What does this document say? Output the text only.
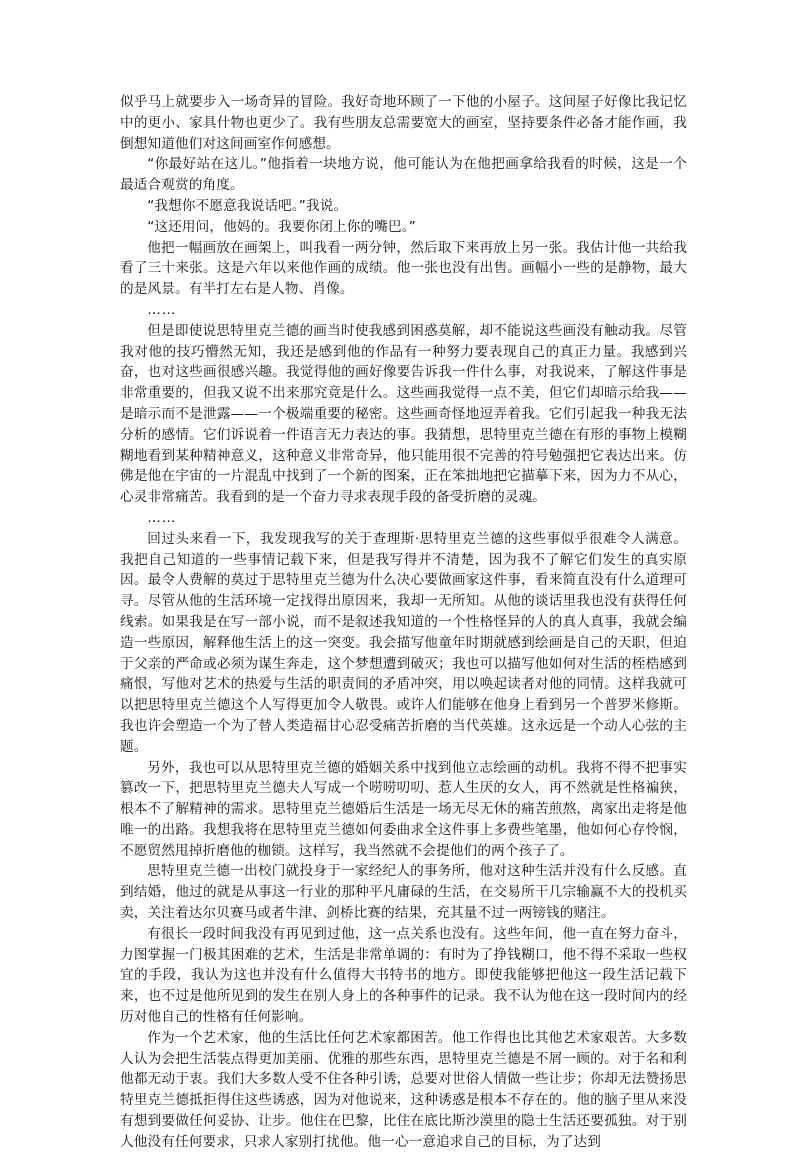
似乎马上就要步入一场奇异的冒险。我好奇地环顾了一下他的小屋子。这间屋子好像比我记忆中的更小、家具什物也更少了。我有些朋友总需要宽大的画室，坚持要条件必备才能作画，我倒想知道他们对这间画室作何感想。

“你最好站在这儿。”他指着一块地方说，他可能认为在他把画拿给我看的时候，这是一个最适合观赏的角度。

“我想你不愿意我说话吧。”我说。

“这还用问，他妈的。我要你闭上你的嘴巴。”

他把一幅画放在画架上，叫我看一两分钟，然后取下来再放上另一张。我估计他一共给我看了三十来张。这是六年以来他作画的成绩。他一张也没有出售。画幅小一些的是静物，最大的是风景。有半打左右是人物、肖像。

……

但是即使说思特里克兰德的画当时使我感到困惑莫解，却不能说这些画没有触动我。尽管我对他的技巧懵然无知，我还是感到他的作品有一种努力要表现自己的真正力量。我感到兴奋，也对这些画很感兴趣。我觉得他的画好像要告诉我一件什么事，对我说来，了解这件事是非常重要的，但我又说不出来那究竟是什么。这些画我觉得一点不美，但它们却暗示给我——是暗示而不是泄露——一个极端重要的秘密。这些画奇怪地逗弄着我。它们引起我一种我无法分析的感情。它们诉说着一件语言无力表达的事。我猜想，思特里克兰德在有形的事物上模糊糊地看到某种精神意义，这种意义非常奇异，他只能用很不完善的符号勉强把它表达出来。仿佛是他在宇宙的一片混乱中找到了一个新的图案，正在笨拙地把它描摹下来，因为力不从心，心灵非常痛苦。我看到的是一个奋力寻求表现手段的备受折磨的灵魂。

……

回过头来看一下，我发现我写的关于查理斯·思特里克兰德的这些事似乎很难令人满意。我把自己知道的一些事情记载下来，但是我写得并不清楚，因为我不了解它们发生的真实原因。最令人费解的莫过于思特里克兰德为什么决心要做画家这件事，看来简直没有什么道理可寻。尽管从他的生活环境一定找得出原因来，我却一无所知。从他的谈话里我也没有获得任何线索。如果我是在写一部小说，而不是叙述我知道的一个性格怪异的人的真人真事，我就会编造一些原因，解释他生活上的这一突变。我会描写他童年时期就感到绘画是自己的天职，但迫于父亲的严命或必须为谋生奔走，这个梦想遭到破灭；我也可以描写他如何对生活的桎梏感到痛恨，写他对艺术的热爱与生活的职责间的矛盾冲突，用以唤起读者对他的同情。这样我就可以把思特里克兰德这个人写得更加令人敬畏。或许人们能够在他身上看到另一个普罗米修斯。我也许会塑造一个为了替人类造福甘心忍受痛苦折磨的当代英雄。这永远是一个动人心弦的主题。

另外，我也可以从思特里克兰德的婚姻关系中找到他立志绘画的动机。我将不得不把事实篡改一下，把思特里克兰德夫人写成一个唠唠叨叨、惹人生厌的女人，再不然就是性格褊狭，根本不了解精神的需求。思特里克兰德婚后生活是一场无尽无休的痛苦煎熬，离家出走将是他唯一的出路。我想我将在思特里克兰德如何委曲求全这件事上多费些笔墨，他如何心存怜悯，不愿贸然甩掉折磨他的枷锁。这样写，我当然就不会提他们的两个孩子了。

思特里克兰德一出校门就投身于一家经纪人的事务所，他对这种生活并没有什么反感。直到结婚，他过的就是从事这一行业的那种平凡庸碌的生活，在交易所干几宗输赢不大的投机买卖，关注着达尔贝赛马或者牛津、剑桥比赛的结果，充其量不过一两镑钱的赌注。

有很长一段时间我没有再见到过他，这一点关系也没有。这些年间，他一直在努力奋斗，力图掌握一门极其困难的艺术，生活是非常单调的：有时为了挣钱糊口，他不得不采取一些权宜的手段，我认为这也并没有什么值得大书特书的地方。即使我能够把他这一段生活记载下来，也不过是他所见到的发生在别人身上的各种事件的记录。我不认为他在这一段时间内的经历对他自己的性格有任何影响。

作为一个艺术家，他的生活比任何艺术家都困苦。他工作得也比其他艺术家艰苦。大多数人认为会把生活装点得更加美丽、优雅的那些东西，思特里克兰德是不屑一顾的。对于名和利他都无动于衷。我们大多数人受不住各种引诱，总要对世俗人情做一些让步；你却无法赞扬思特里克兰德抵拒得住这些诱惑，因为对他说来，这种诱惑是根本不存在的。他的脑子里从来没有想到要做任何妥协、让步。他住在巴黎，比住在底比斯沙漠里的隐士生活还要孤独。对于别人他没有任何要求，只求人家别打扰他。他一心一意追求自己的目标，为了达到
